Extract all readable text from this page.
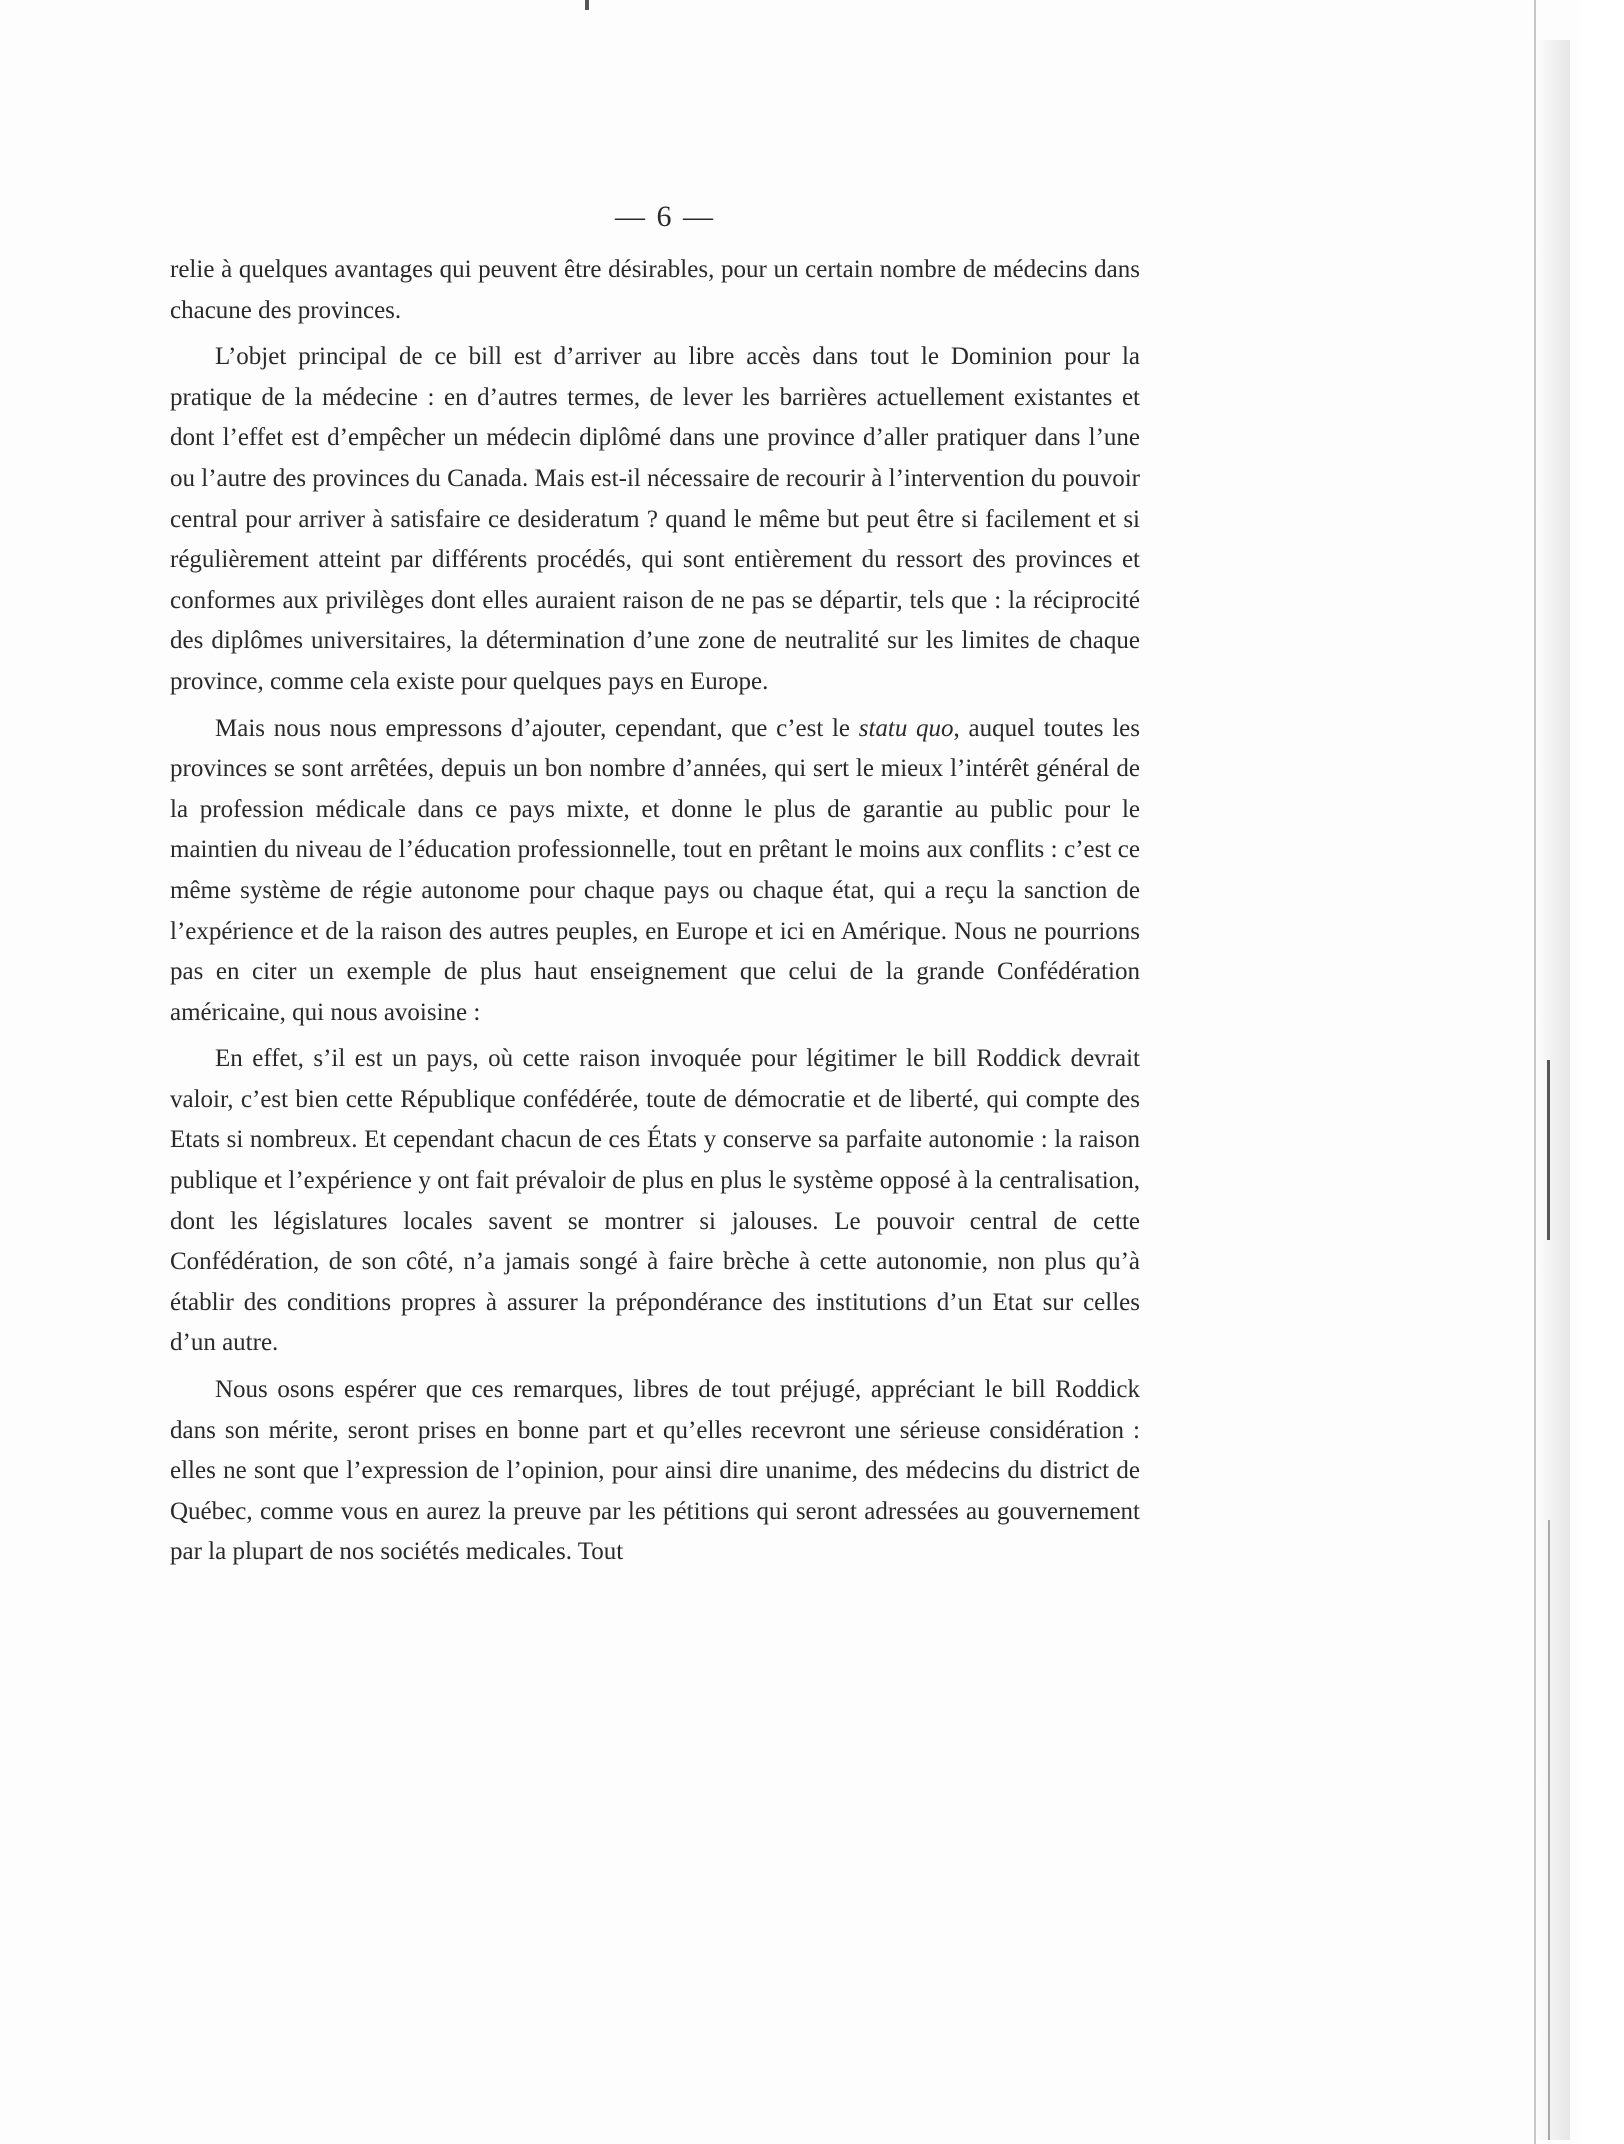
— 6 —

relie à quelques avantages qui peuvent être désirables, pour un certain nombre de médecins dans chacune des provinces.

L’objet principal de ce bill est d’arriver au libre accès dans tout le Dominion pour la pratique de la médecine : en d’autres termes, de lever les barrières actuellement existantes et dont l’effet est d’empêcher un médecin diplômé dans une province d’aller pratiquer dans l’une ou l’autre des provinces du Canada. Mais est-il nécessaire de recourir à l’intervention du pouvoir central pour arriver à satisfaire ce desideratum ? quand le même but peut être si facilement et si régulièrement atteint par différents procédés, qui sont entièrement du ressort des provinces et conformes aux privilèges dont elles auraient raison de ne pas se départir, tels que : la réciprocité des diplômes universitaires, la détermination d’une zone de neutralité sur les limites de chaque province, comme cela existe pour quelques pays en Europe.

Mais nous nous empressons d’ajouter, cependant, que c’est le statu quo, auquel toutes les provinces se sont arrêtées, depuis un bon nombre d’années, qui sert le mieux l’intérêt général de la profession médicale dans ce pays mixte, et donne le plus de garantie au public pour le maintien du niveau de l’éducation professionnelle, tout en prêtant le moins aux conflits : c’est ce même système de régie autonome pour chaque pays ou chaque état, qui a reçu la sanction de l’expérience et de la raison des autres peuples, en Europe et ici en Amérique. Nous ne pourrions pas en citer un exemple de plus haut enseignement que celui de la grande Confédération américaine, qui nous avoisine :

En effet, s’il est un pays, où cette raison invoquée pour légitimer le bill Roddick devrait valoir, c’est bien cette République confédérée, toute de démocratie et de liberté, qui compte des Etats si nombreux. Et cependant chacun de ces États y conserve sa parfaite autonomie : la raison publique et l’expérience y ont fait prévaloir de plus en plus le système opposé à la centralisation, dont les législatures locales savent se montrer si jalouses. Le pouvoir central de cette Confédération, de son côté, n’a jamais songé à faire brèche à cette autonomie, non plus qu’à établir des conditions propres à assurer la prépondérance des institutions d’un Etat sur celles d’un autre.

Nous osons espérer que ces remarques, libres de tout préjugé, appréciant le bill Roddick dans son mérite, seront prises en bonne part et qu’elles recevront une sérieuse considération : elles ne sont que l’expression de l’opinion, pour ainsi dire unanime, des médecins du district de Québec, comme vous en aurez la preuve par les pétitions qui seront adressées au gouvernement par la plupart de nos sociétés medicales. Tout
